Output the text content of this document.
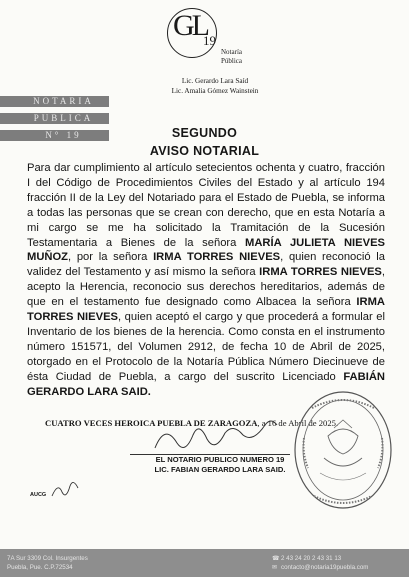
GL
19
Notaría
Pública
Lic. Gerardo Lara Saíd
Lic. Amalia Gómez Wainstein
NOTARIA
PUBLICA
N° 19	SEGUNDO
AVISO NOTARIAL
Para dar cumplimiento al artículo setecientos ochenta y cuatro, fracción I del Código de Procedimientos Civiles del Estado y al artículo 194 fracción II de la Ley del Notariado para el Estado de Puebla, se informa a todas las personas que se crean con derecho, que en esta Notaría a mi cargo se me ha solicitado la Tramitación de la Sucesión Testamentaria a Bienes de la señora MARÍA JULIETA NIEVES MUÑOZ, por la señora IRMA TORRES NIEVES, quien reconoció la validez del Testamento y así mismo la señora IRMA TORRES NIEVES, acepto la Herencia, reconocio sus derechos hereditarios, además de que en el testamento fue designado como Albacea la señora IRMA TORRES NIEVES, quien aceptó el cargo y que procederá a formular el Inventario de los bienes de la herencia. Como consta en el instrumento número 151571, del Volumen 2912, de fecha 10 de Abril de 2025, otorgado en el Protocolo de la Notaría Pública Número Diecinueve de ésta Ciudad de Puebla, a cargo del suscrito Licenciado FABIÁN GERARDO LARA SAID.
CUATRO VECES HEROICA PUEBLA DE ZARAGOZA, a 16 de Abril de 2025.
EL NOTARIO PUBLICO NUMERO 19
LIC. FABIAN GERARDO LARA SAID.
AUCG
7A Sur 3309 Col. Insurgentes
Puebla, Pue. C.P.72534
☎2 43 24 20 2 43 31 13
✉ contacto@notaria19puebla.com
